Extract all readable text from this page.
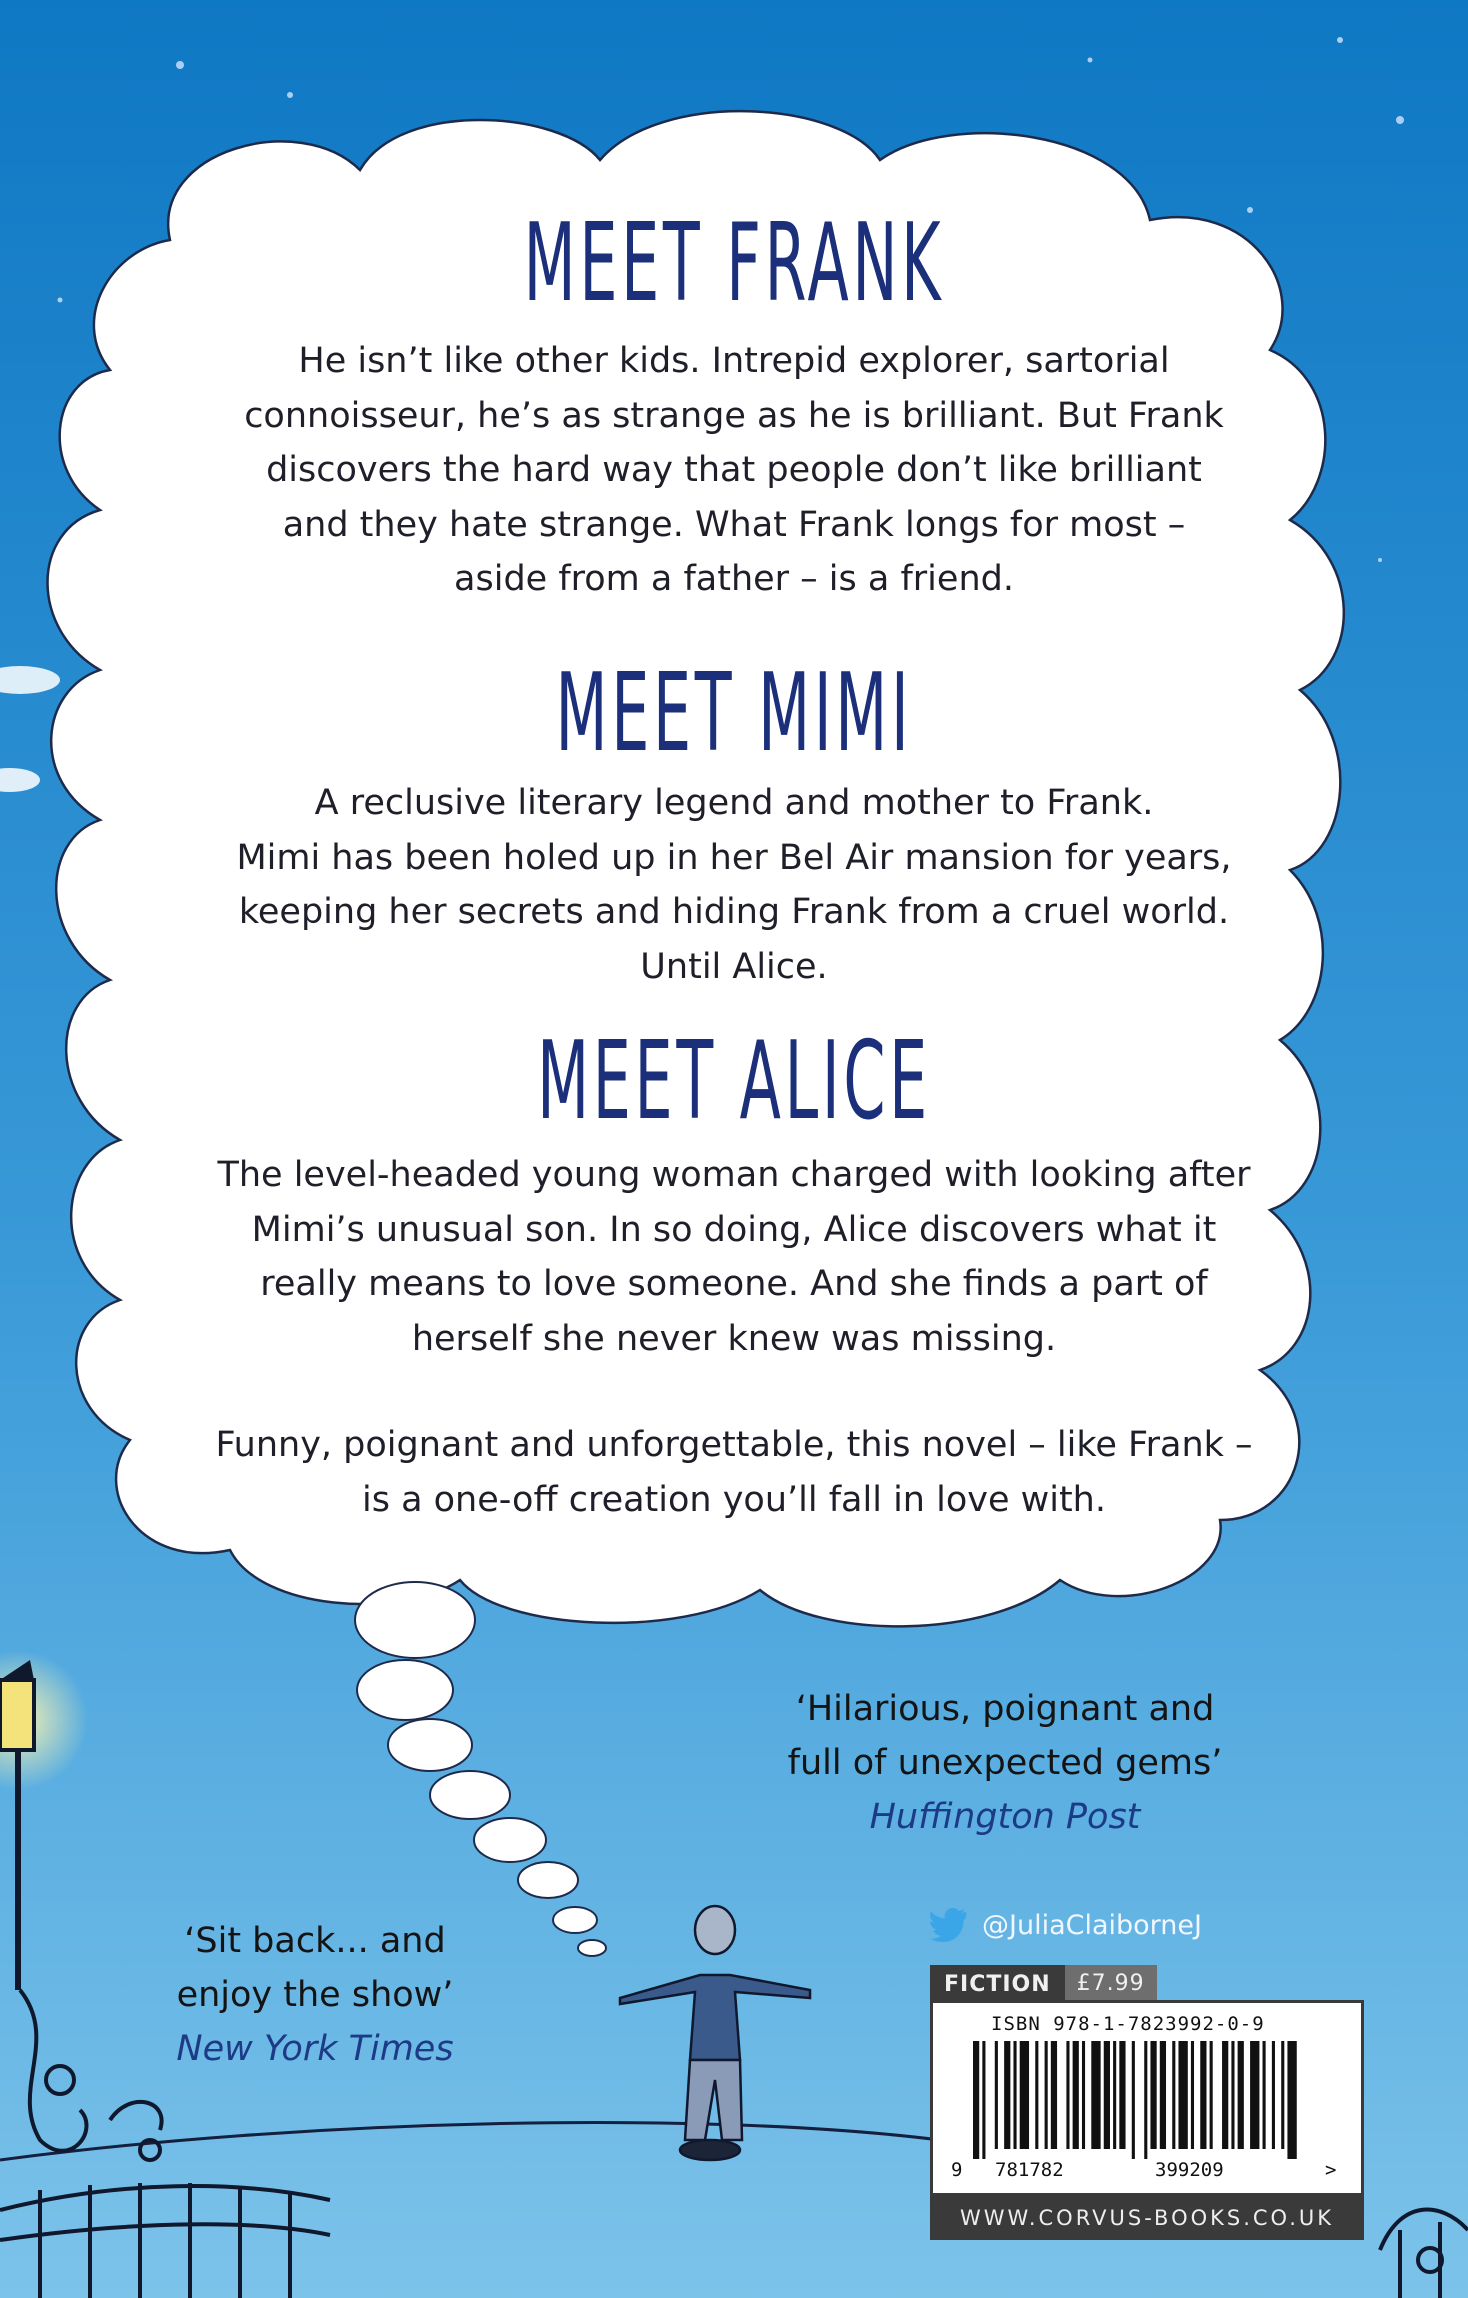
MEET FRANK
He isn’t like other kids. Intrepid explorer, sartorial
connoisseur, he’s as strange as he is brilliant. But Frank
discovers the hard way that people don’t like brilliant
and they hate strange. What Frank longs for most –
aside from a father – is a friend.
MEET MIMI
A reclusive literary legend and mother to Frank.
Mimi has been holed up in her Bel Air mansion for years,
keeping her secrets and hiding Frank from a cruel world.
Until Alice.
MEET ALICE
The level-headed young woman charged with looking after
Mimi’s unusual son. In so doing, Alice discovers what it
really means to love someone. And she finds a part of
herself she never knew was missing.
Funny, poignant and unforgettable, this novel – like Frank –
is a one-off creation you’ll fall in love with.
‘Hilarious, poignant and
full of unexpected gems’
Huffington Post
‘Sit back... and
enjoy the show’
New York Times
@JuliaClaiborneJ
FICTION	£7.99
ISBN 978-1-7823992-0-9
9 781782	399209	>
WWW.CORVUS-BOOKS.CO.UK
